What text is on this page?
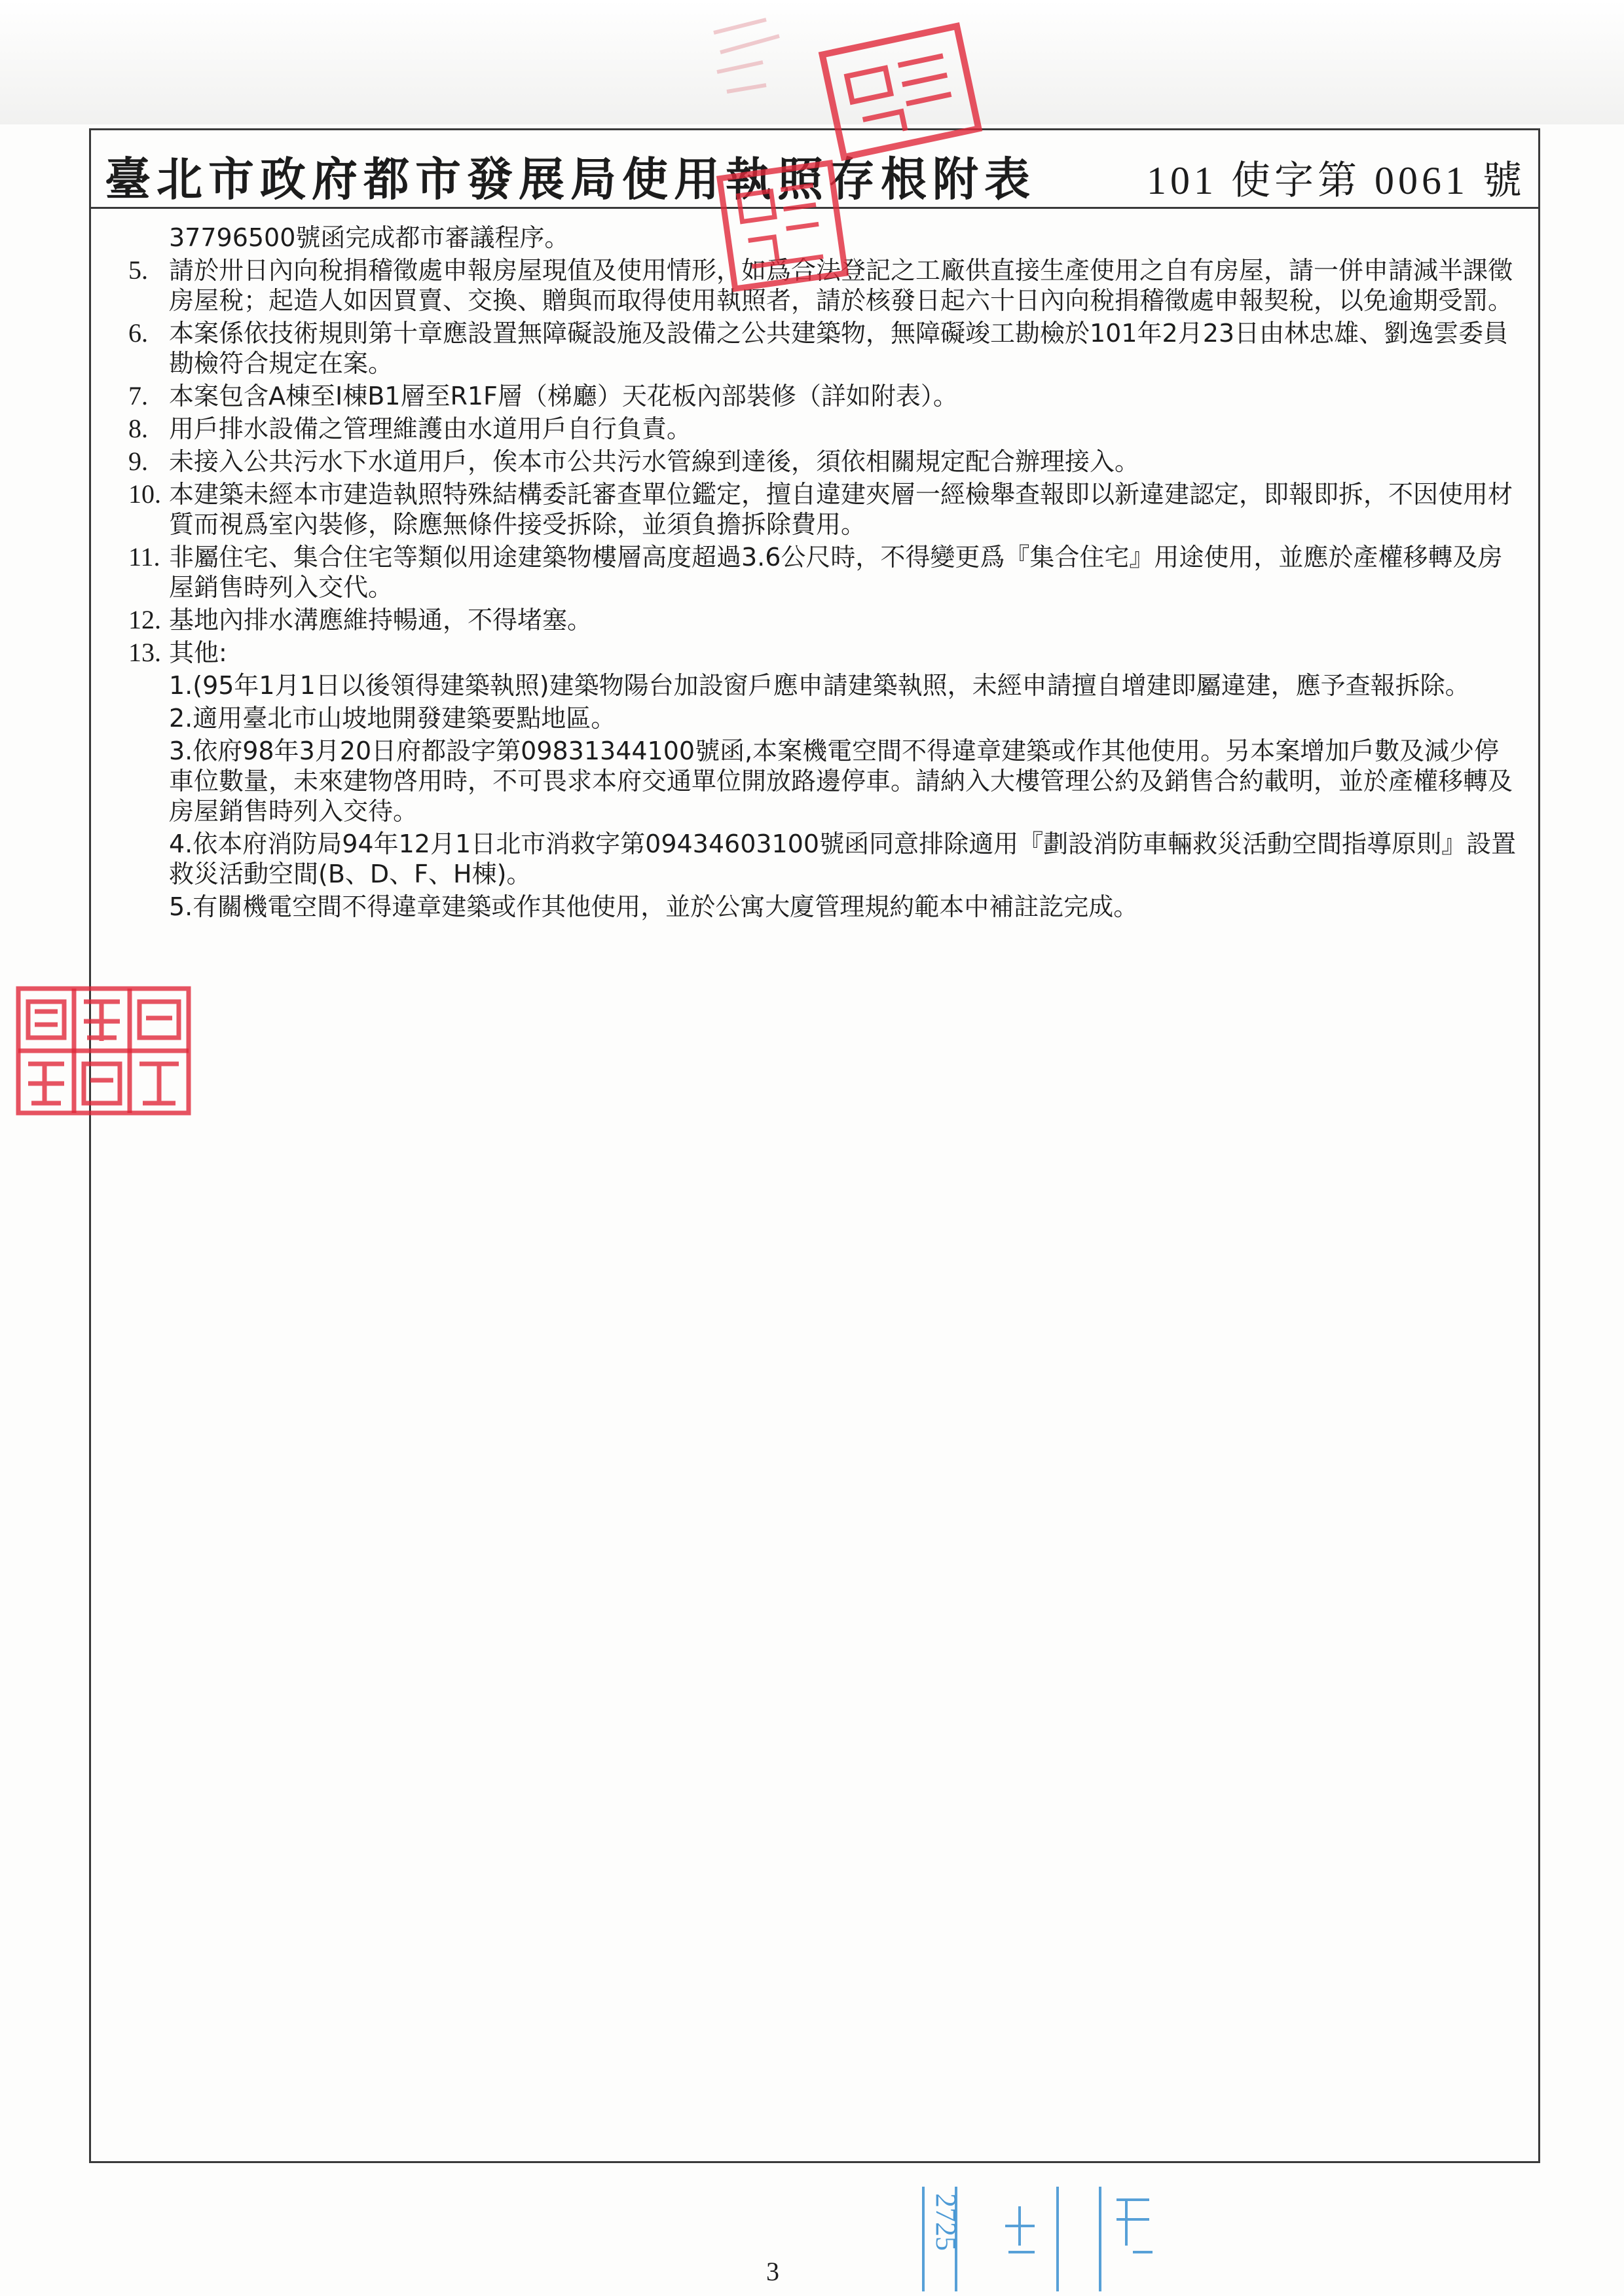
臺北市政府都市發展局使用執照存根附表	101 使字第 0061 號
37796500號函完成都市審議程序。
5. 請於卅日內向稅捐稽徵處申報房屋現值及使用情形，如爲合法登記之工廠供直接生產使用之自有房屋，請一併申請減半課徵房屋稅；起造人如因買賣、交換、贈與而取得使用執照者，請於核發日起六十日內向稅捐稽徵處申報契稅，以免逾期受罰。
6. 本案係依技術規則第十章應設置無障礙設施及設備之公共建築物，無障礙竣工勘檢於101年2月23日由林忠雄、劉逸雲委員勘檢符合規定在案。
7. 本案包含A棟至I棟B1層至R1F層（梯廳）天花板內部裝修（詳如附表）。
8. 用戶排水設備之管理維護由水道用戶自行負責。
9. 未接入公共污水下水道用戶，俟本市公共污水管線到達後，須依相關規定配合辦理接入。
10. 本建築未經本市建造執照特殊結構委託審查單位鑑定，擅自違建夾層一經檢舉查報即以新違建認定，即報即拆，不因使用材質而視爲室內裝修，除應無條件接受拆除，並須負擔拆除費用。
11. 非屬住宅、集合住宅等類似用途建築物樓層高度超過3.6公尺時，不得變更爲『集合住宅』用途使用，並應於產權移轉及房屋銷售時列入交代。
12. 基地內排水溝應維持暢通，不得堵塞。
13. 其他:
1.(95年1月1日以後領得建築執照)建築物陽台加設窗戶應申請建築執照，未經申請擅自增建即屬違建，應予查報拆除。
2.適用臺北市山坡地開發建築要點地區。
3.依府98年3月20日府都設字第09831344100號函,本案機電空間不得違章建築或作其他使用。另本案增加戶數及減少停車位數量，未來建物啓用時，不可畏求本府交通單位開放路邊停車。請納入大樓管理公約及銷售合約載明，並於產權移轉及房屋銷售時列入交待。
4.依本府消防局94年12月1日北市消救字第09434603100號函同意排除適用『劃設消防車輛救災活動空間指導原則』設置救災活動空間(B、D、F、H棟)。
5.有關機電空間不得違章建築或作其他使用，並於公寓大廈管理規約範本中補註訖完成。
2725
3
